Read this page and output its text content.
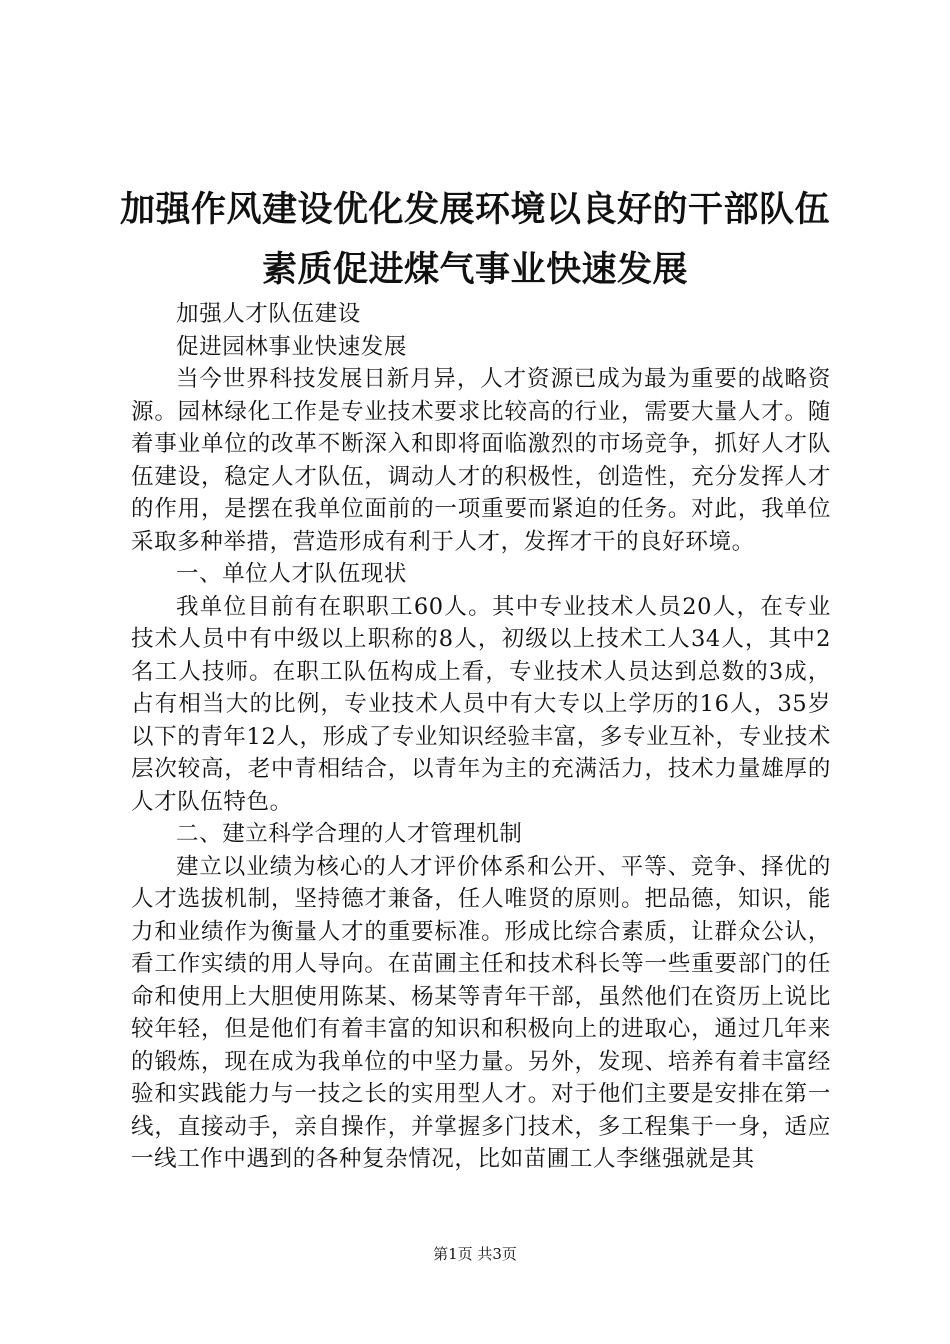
加强作风建设优化发展环境以良好的干部队伍
素质促进煤气事业快速发展

加强人才队伍建设

促进园林事业快速发展

当今世界科技发展日新月异，人才资源已成为最为重要的战略资源。园林绿化工作是专业技术要求比较高的行业，需要大量人才。随着事业单位的改革不断深入和即将面临激烈的市场竞争，抓好人才队伍建设，稳定人才队伍，调动人才的积极性，创造性，充分发挥人才的作用，是摆在我单位面前的一项重要而紧迫的任务。对此，我单位采取多种举措，营造形成有利于人才，发挥才干的良好环境。

一、单位人才队伍现状

我单位目前有在职职工60人。其中专业技术人员20人，在专业技术人员中有中级以上职称的8人，初级以上技术工人34人，其中2名工人技师。在职工队伍构成上看，专业技术人员达到总数的3成，占有相当大的比例，专业技术人员中有大专以上学历的16人，35岁以下的青年12人，形成了专业知识经验丰富，多专业互补，专业技术层次较高，老中青相结合，以青年为主的充满活力，技术力量雄厚的人才队伍特色。

二、建立科学合理的人才管理机制

建立以业绩为核心的人才评价体系和公开、平等、竞争、择优的人才选拔机制，坚持德才兼备，任人唯贤的原则。把品德，知识，能力和业绩作为衡量人才的重要标准。形成比综合素质，让群众公认，看工作实绩的用人导向。在苗圃主任和技术科长等一些重要部门的任命和使用上大胆使用陈某、杨某等青年干部，虽然他们在资历上说比较年轻，但是他们有着丰富的知识和积极向上的进取心，通过几年来的锻炼，现在成为我单位的中坚力量。另外，发现、培养有着丰富经验和实践能力与一技之长的实用型人才。对于他们主要是安排在第一线，直接动手，亲自操作，并掌握多门技术，多工程集于一身，适应一线工作中遇到的各种复杂情况，比如苗圃工人李继强就是其

第1页 共3页
